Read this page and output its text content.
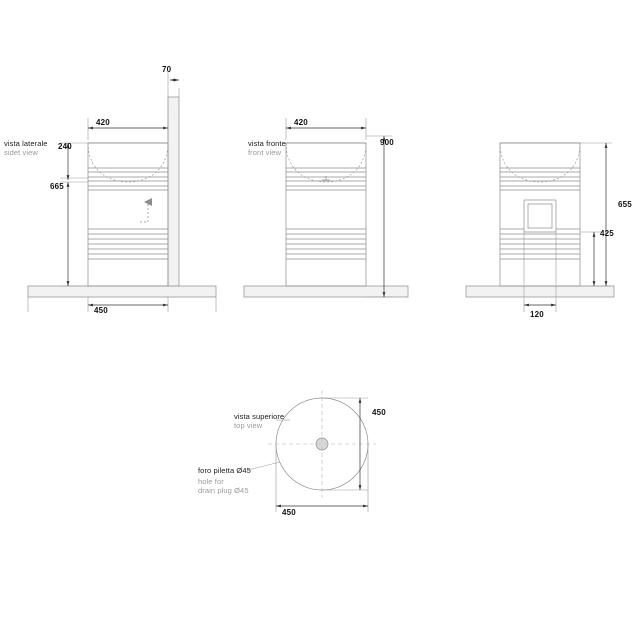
vista laterale
sidet view
70
420
240
665
450
vista fronte
front view
420
900
655
425
120
vista superiore
top view
foro piletta Ø45
hole for
drain plug Ø45
450
450
